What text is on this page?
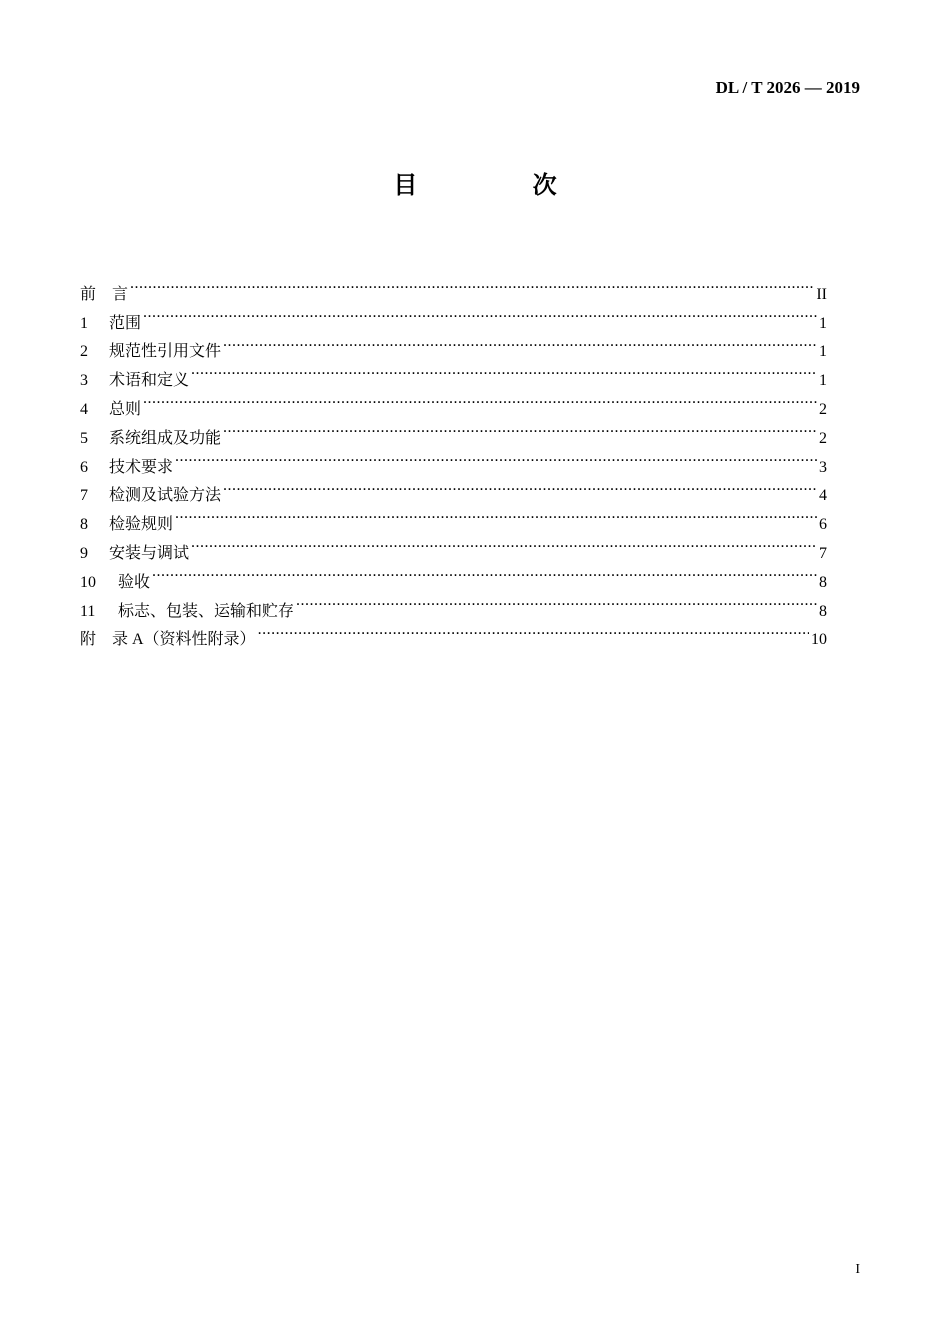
DL / T 2026 — 2019
目　次
前　言 .....	II
1	范围 .....	1
2	规范性引用文件 .....	1
3	术语和定义 .....	1
4	总则 .....	2
5	系统组成及功能 .....	2
6	技术要求 .....	3
7	检测及试验方法 .....	4
8	检验规则 .....	6
9	安装与调试 .....	7
10	验收 .....	8
11	标志、包装、运输和贮存 .....	8
附　录 A（资料性附录） .....	10
I
